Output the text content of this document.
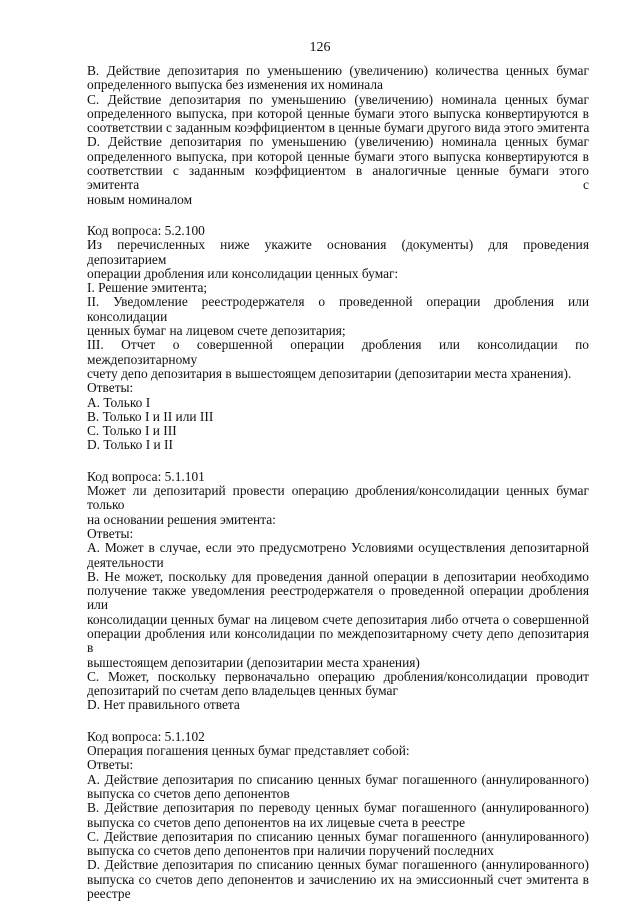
126
B. Действие депозитария по уменьшению (увеличению) количества ценных бумаг
определенного выпуска без изменения их номинала
C. Действие депозитария по уменьшению (увеличению) номинала ценных бумаг
определенного выпуска, при которой ценные бумаги этого выпуска конвертируются в
соответствии с заданным коэффициентом в ценные бумаги другого вида этого эмитента
D. Действие депозитария по уменьшению (увеличению) номинала ценных бумаг
определенного выпуска, при которой ценные бумаги этого выпуска конвертируются в
соответствии с заданным коэффициентом в аналогичные ценные бумаги этого эмитента с
новым номиналом
Код вопроса: 5.2.100
Из перечисленных ниже укажите основания (документы) для проведения депозитарием
операции дробления или консолидации ценных бумаг:
I. Решение эмитента;
II. Уведомление реестродержателя о проведенной операции дробления или консолидации
ценных бумаг на лицевом счете депозитария;
III. Отчет о совершенной операции дробления или консолидации по междепозитарному
счету депо депозитария в вышестоящем депозитарии (депозитарии места хранения).
Ответы:
A. Только I
B. Только I и II или III
C. Только I и III
D. Только I и II
Код вопроса: 5.1.101
Может ли депозитарий провести операцию дробления/консолидации ценных бумаг только
на основании решения эмитента:
Ответы:
A. Может в случае, если это предусмотрено Условиями осуществления депозитарной
деятельности
B. Не может, поскольку для проведения данной операции в депозитарии необходимо
получение также уведомления реестродержателя о проведенной операции дробления или
консолидации ценных бумаг на лицевом счете депозитария либо отчета о совершенной
операции дробления или консолидации по междепозитарному счету депо депозитария в
вышестоящем депозитарии (депозитарии места хранения)
C. Может, поскольку первоначально операцию дробления/консолидации проводит
депозитарий по счетам депо владельцев ценных бумаг
D. Нет правильного ответа
Код вопроса: 5.1.102
Операция погашения ценных бумаг представляет собой:
Ответы:
A. Действие депозитария по списанию ценных бумаг погашенного (аннулированного)
выпуска со счетов депо депонентов
B. Действие депозитария по переводу ценных бумаг погашенного (аннулированного)
выпуска со счетов депо депонентов на их лицевые счета в реестре
C. Действие депозитария по списанию ценных бумаг погашенного (аннулированного)
выпуска со счетов депо депонентов при наличии поручений последних
D. Действие депозитария по списанию ценных бумаг погашенного (аннулированного)
выпуска со счетов депо депонентов и зачислению их на эмиссионный счет эмитента в
реестре
